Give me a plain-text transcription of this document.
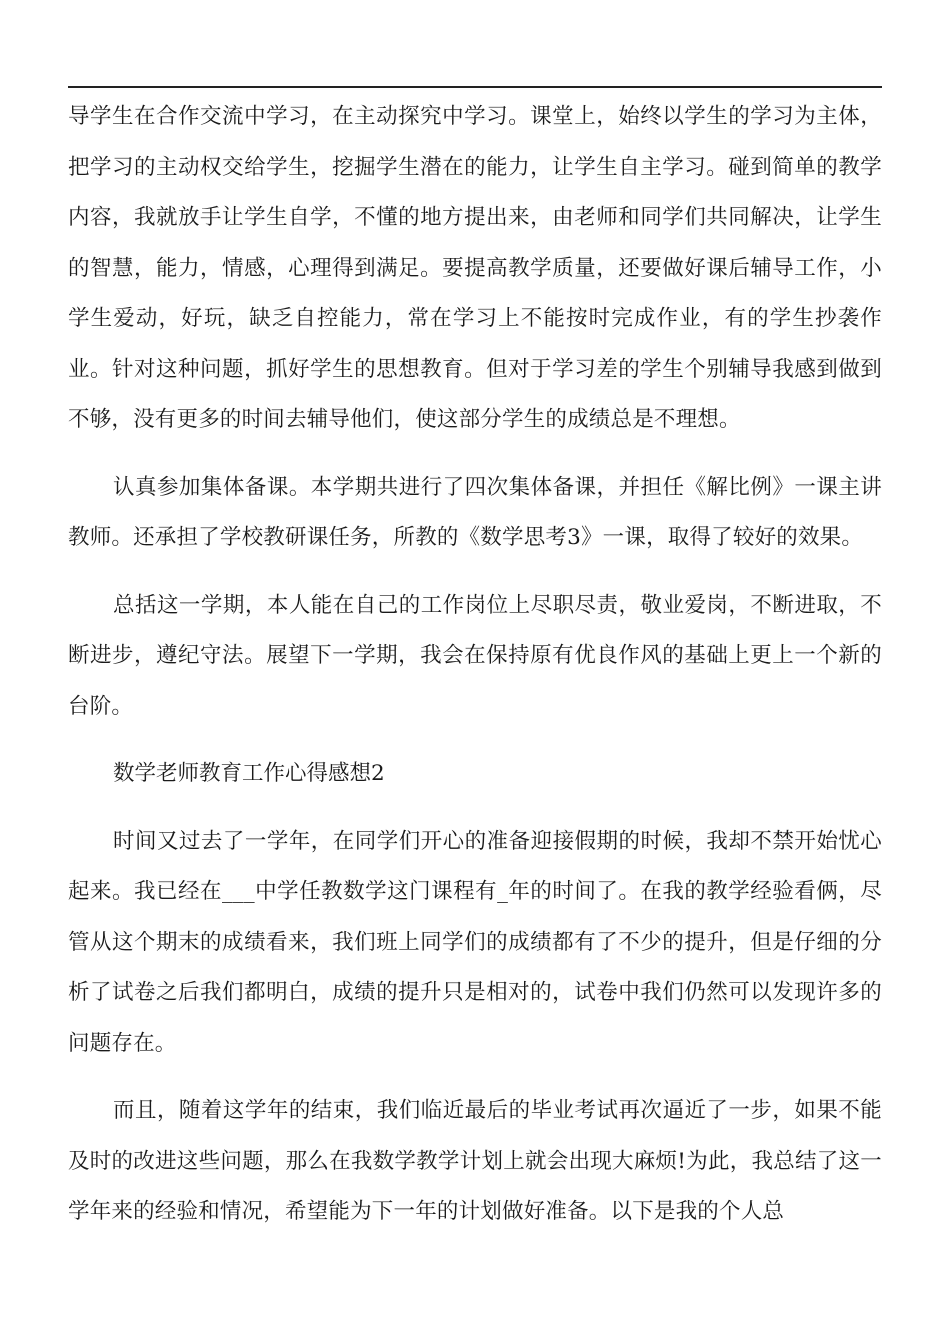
导学生在合作交流中学习，在主动探究中学习。课堂上，始终以学生的学习为主体，把学习的主动权交给学生，挖掘学生潜在的能力，让学生自主学习。碰到简单的教学内容，我就放手让学生自学，不懂的地方提出来，由老师和同学们共同解决，让学生的智慧，能力，情感，心理得到满足。要提高教学质量，还要做好课后辅导工作，小学生爱动，好玩，缺乏自控能力，常在学习上不能按时完成作业，有的学生抄袭作业。针对这种问题，抓好学生的思想教育。但对于学习差的学生个别辅导我感到做到不够，没有更多的时间去辅导他们，使这部分学生的成绩总是不理想。

认真参加集体备课。本学期共进行了四次集体备课，并担任《解比例》一课主讲教师。还承担了学校教研课任务，所教的《数学思考3》一课，取得了较好的效果。

总括这一学期，本人能在自己的工作岗位上尽职尽责，敬业爱岗，不断进取，不断进步，遵纪守法。展望下一学期，我会在保持原有优良作风的基础上更上一个新的台阶。

数学老师教育工作心得感想2

时间又过去了一学年，在同学们开心的准备迎接假期的时候，我却不禁开始忧心起来。我已经在___中学任教数学这门课程有_年的时间了。在我的教学经验看俩，尽管从这个期末的成绩看来，我们班上同学们的成绩都有了不少的提升，但是仔细的分析了试卷之后我们都明白，成绩的提升只是相对的，试卷中我们仍然可以发现许多的问题存在。

而且，随着这学年的结束，我们临近最后的毕业考试再次逼近了一步，如果不能及时的改进这些问题，那么在我数学教学计划上就会出现大麻烦!为此，我总结了这一学年来的经验和情况，希望能为下一年的计划做好准备。以下是我的个人总
